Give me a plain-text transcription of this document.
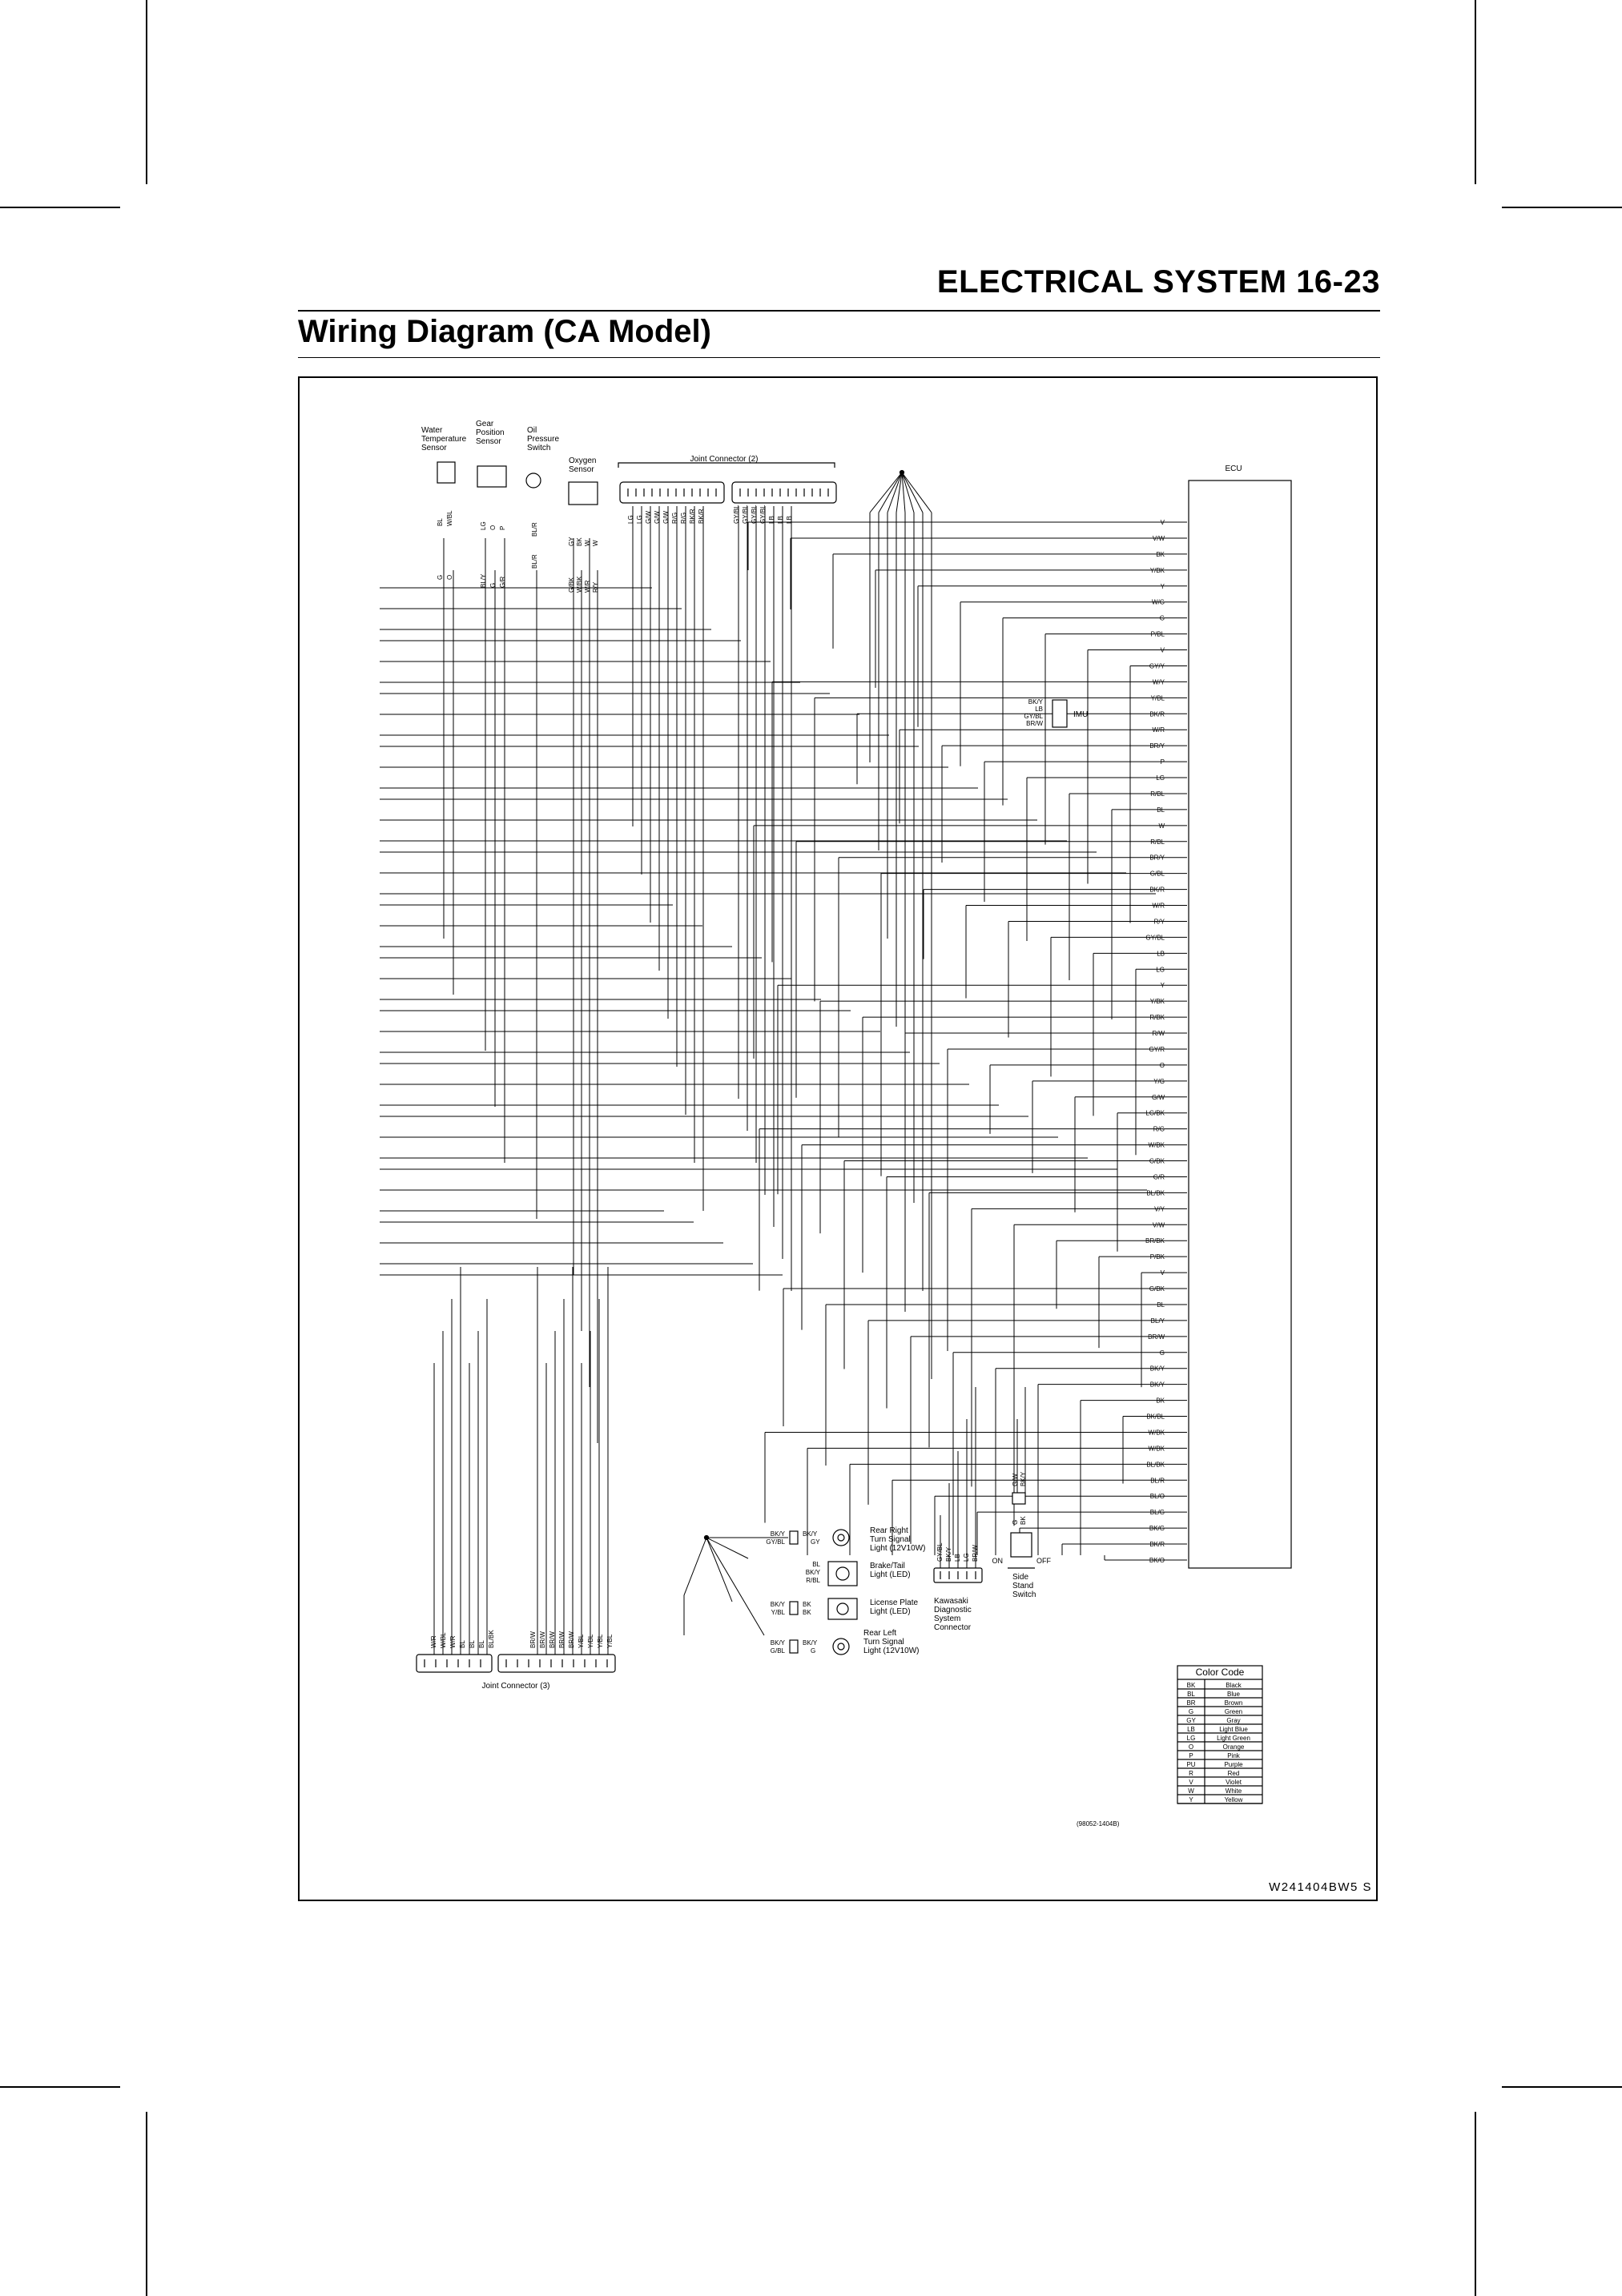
ELECTRICAL SYSTEM 16-23
Wiring Diagram (CA Model)
Water
Temperature
Sensor
Gear
Position
Sensor
Oil
Pressure
Switch
Oxygen
Sensor
BL W/BL
G O
LG O P
BL/Y G G/R
BL/R
BL/R
GY BK W W
G/BK W/BK W/R R/Y
Joint Connector (2)
LG LG G/W G/W G/W R/G R/G BK/R BK/R	GY/BL GY/BL GY/BL GY/BL LB LB LB
ECU
V
V/W
BK
Y/BK
Y
W/G
G
P/BL
V
GY/Y
W/Y
Y/BL
BK/R
W/R
BR/Y
P
LG
R/BL
BL
W
R/BL
BR/Y
G/BL
BK/R
W/R
R/Y
GY/BL
LB
LG
Y
Y/BK
R/BK
R/W
GY/R
O
Y/G
G/W
LG/BK
R/G
W/BK
G/BK
G/R
BL/BK
V/Y
V/W
BR/BK
P/BK
V
G/BK
BL
BL/Y
BR/W
G
BK/Y
BK/Y
BK
BK/BL
W/BK
W/BK
BL/BK
BL/R
BL/O
BL/G
BK/G
BK/R
BK/O
IMU
BK/Y
LB
GY/BL
BR/W
Joint Connector (3)
W/R W/BL W/R BL BL BL BL/BK	BR/W BR/W BR/W BR/W BR/W Y/BL Y/BL Y/BL Y/BL
Rear Right
Turn Signal
Light (12V10W)
BK/Y
GY/BL
BK/Y
GY
Brake/Tail
Light (LED)
BL
BK/Y
R/BL
License Plate
Light (LED)
BK/Y
Y/BL
BK
BK
Rear Left
Turn Signal
Light (12V10W)
BK/Y
G/BL
BK/Y
G
GY/BL BK/Y LB LG BR/W
Kawasaki
Diagnostic
System
Connector
ON	OFF
Side
Stand
Switch
G/W BK/Y
G BK
Color Code
BK	Black
BL	Blue
BR	Brown
G	Green
GY	Gray
LB	Light Blue
LG	Light Green
O	Orange
P	Pink
PU	Purple
R	Red
V	Violet
W	White
Y	Yellow
(98052-1404B)
W241404BW5 S
